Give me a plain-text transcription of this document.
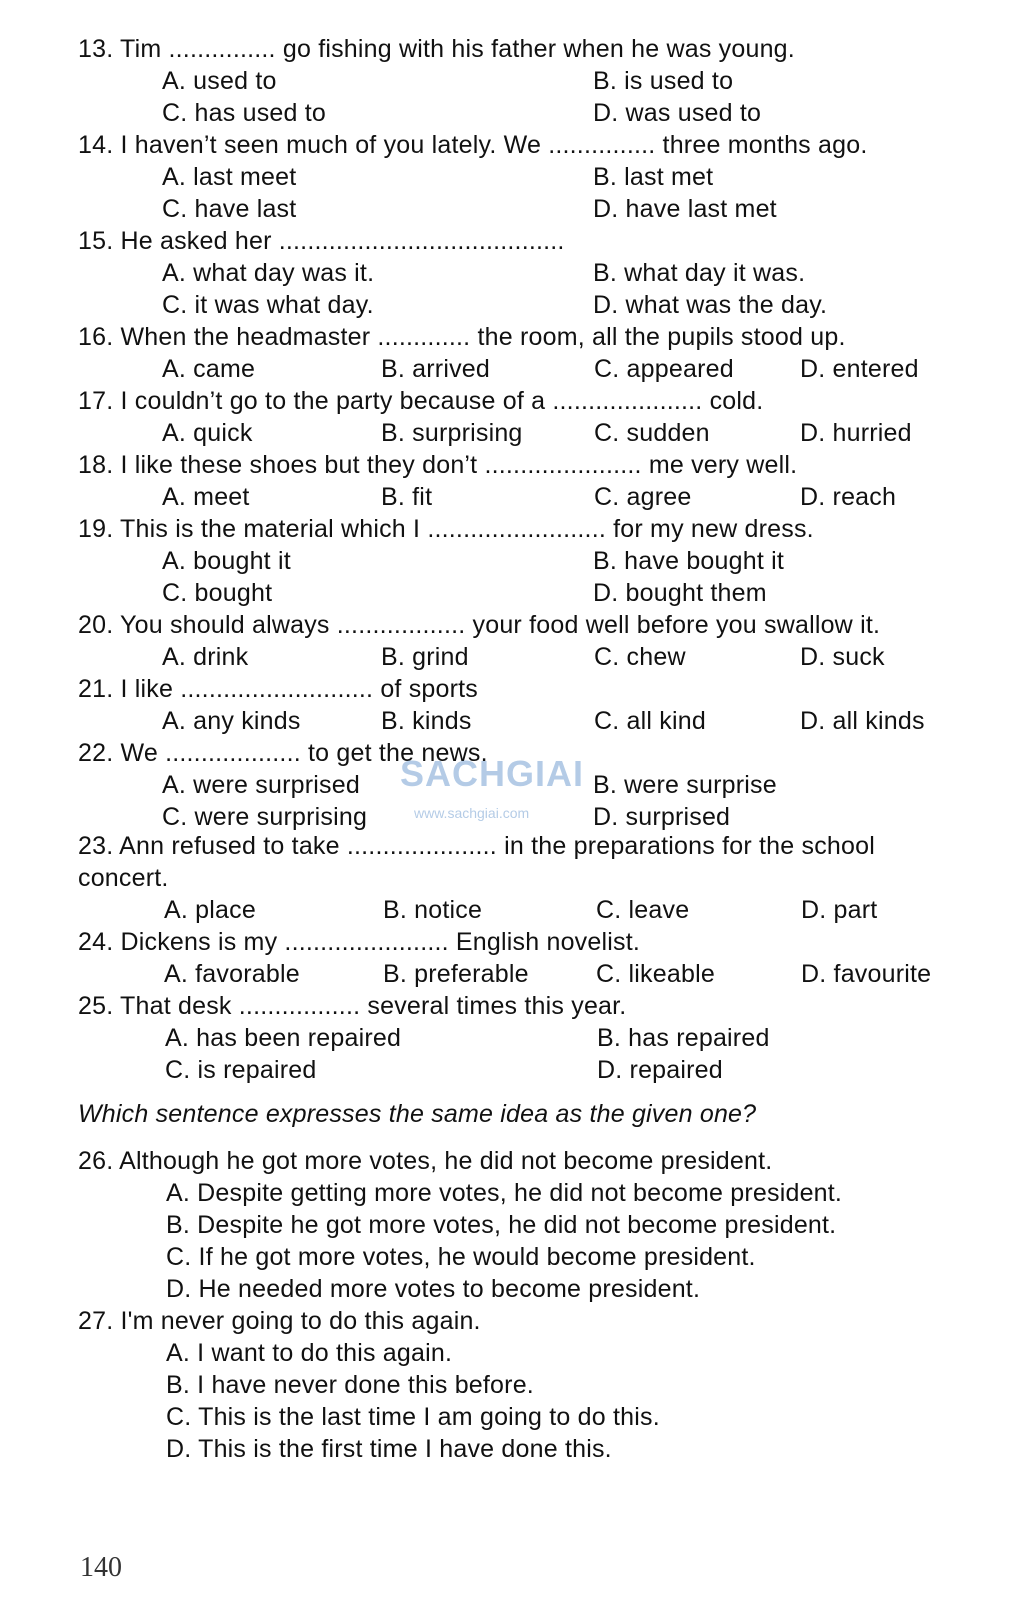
13. Tim ............... go fishing with his father when he was young.
A. used to	B. is used to
C. has used to	D. was used to
14. I haven’t seen much of you lately. We ............... three months ago.
A. last meet	B. last met
C. have last	D. have last met
15. He asked her ........................................
A. what day was it.	B. what day it was.
C. it was what day.	D. what was the day.
16. When the headmaster ............. the room, all the pupils stood up.
A. came	B. arrived	C. appeared	D. entered
17. I couldn’t go to the party because of a ..................... cold.
A. quick	B. surprising	C. sudden	D. hurried
18. I like these shoes but they don’t ...................... me very well.
A. meet	B. fit	C. agree	D. reach
19. This is the material which I ......................... for my new dress.
A. bought it	B. have bought it
C. bought	D. bought them
20. You should always .................. your food well before you swallow it.
A. drink	B. grind	C. chew	D. suck
21. I like ........................... of sports
A. any kinds	B. kinds	C. all kind	D. all kinds
22. We ................... to get the news.
A. were surprised	B. were surprise
C. were surprising	D. surprised
23. Ann refused to take ..................... in the preparations for the school
concert.
A. place	B. notice	C. leave	D. part
24. Dickens is my ....................... English novelist.
A. favorable	B. preferable	C. likeable	D. favourite
25. That desk ................. several times this year.
A. has been repaired	B. has repaired
C. is repaired	D. repaired
Which sentence expresses the same idea as the given one?
26. Although he got more votes, he did not become president.
A. Despite getting more votes, he did not become president.
B. Despite he got more votes, he did not become president.
C. If he got more votes, he would become president.
D. He needed more votes to become president.
27. I'm never going to do this again.
A. I want to do this again.
B. I have never done this before.
C. This is the last time I am going to do this.
D. This is the first time I have done this.
140
SACHGIAI
www.sachgiai.com
